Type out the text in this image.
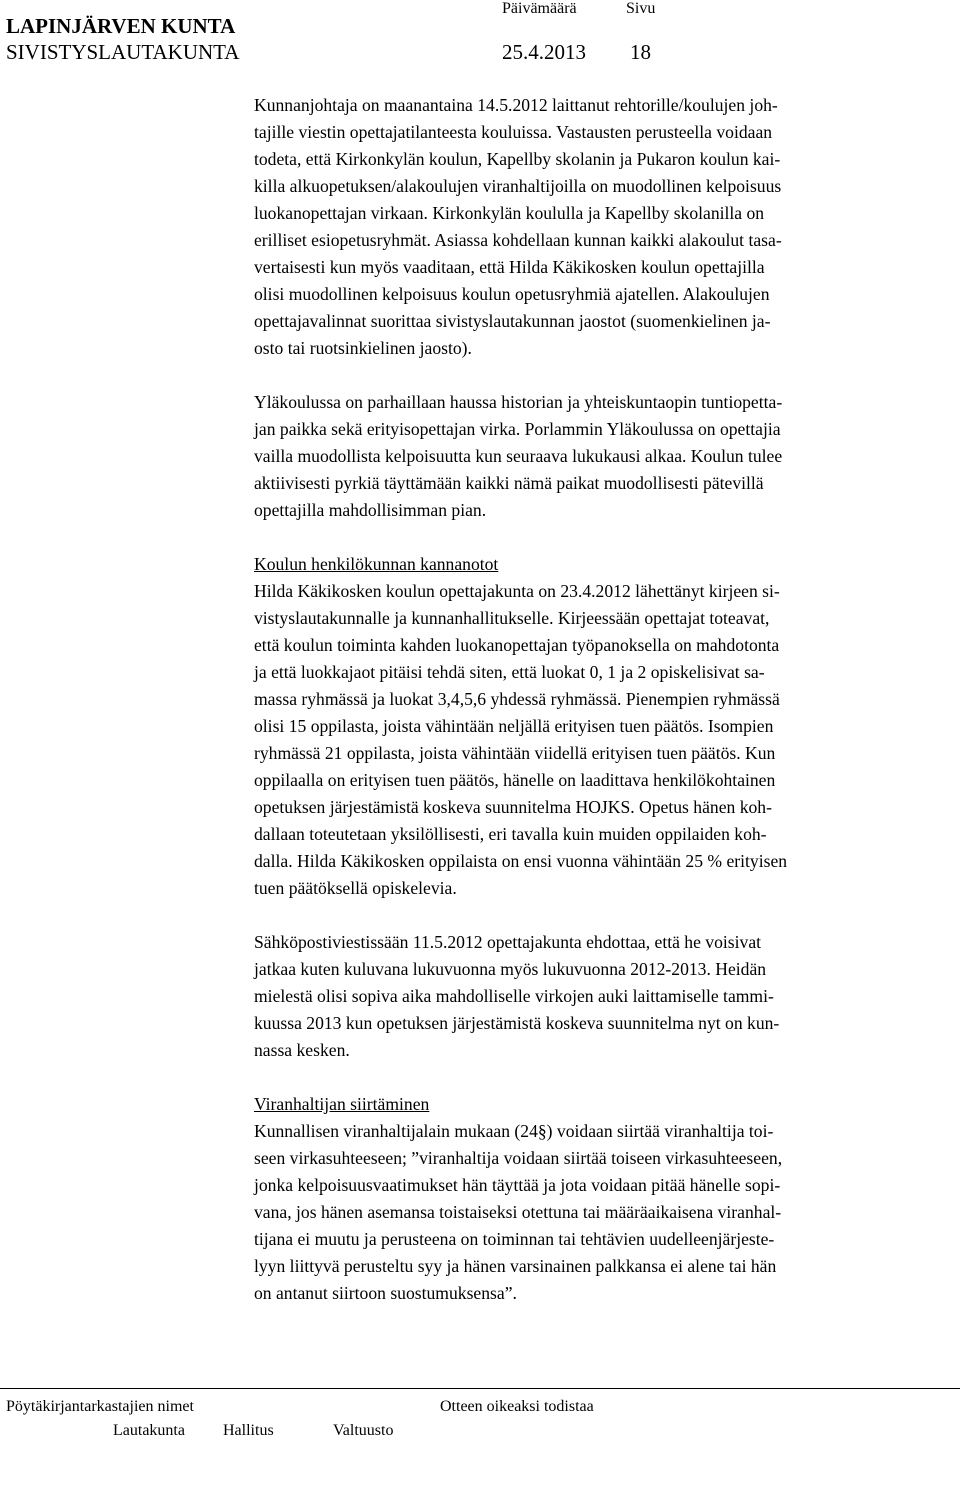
LAPINJÄRVEN KUNTA
SIVISTYSLAUTAKUNTA
Päivämäärä	Sivu
25.4.2013 18
Kunnanjohtaja on maanantaina 14.5.2012 laittanut rehtorille/koulujen joh-
tajille viestin opettajatilanteesta kouluissa. Vastausten perusteella voidaan
todeta, että Kirkonkylän koulun, Kapellby skolanin ja Pukaron koulun kai-
killa alkuopetuksen/alakoulujen viranhaltijoilla on muodollinen kelpoisuus
luokanopettajan virkaan. Kirkonkylän koululla ja Kapellby skolanilla on
erilliset esiopetusryhmät. Asiassa kohdellaan kunnan kaikki alakoulut tasa-
vertaisesti kun myös vaaditaan, että Hilda Käkikosken koulun opettajilla
olisi muodollinen kelpoisuus koulun opetusryhmiä ajatellen. Alakoulujen
opettajavalinnat suorittaa sivistyslautakunnan jaostot (suomenkielinen ja-
osto tai ruotsinkielinen jaosto).
Yläkoulussa on parhaillaan haussa historian ja yhteiskuntaopin tuntiopetta-
jan paikka sekä erityisopettajan virka. Porlammin Yläkoulussa on opettajia
vailla muodollista kelpoisuutta kun seuraava lukukausi alkaa. Koulun tulee
aktiivisesti pyrkiä täyttämään kaikki nämä paikat muodollisesti pätevillä
opettajilla mahdollisimman pian.
Koulun henkilökunnan kannanotot
Hilda Käkikosken koulun opettajakunta on 23.4.2012 lähettänyt kirjeen si-
vistyslautakunnalle ja kunnanhallitukselle. Kirjeessään opettajat toteavat,
että koulun toiminta kahden luokanopettajan työpanoksella on mahdotonta
ja että luokkajaot pitäisi tehdä siten, että luokat 0, 1 ja 2 opiskelisivat sa-
massa ryhmässä ja luokat 3,4,5,6 yhdessä ryhmässä. Pienempien ryhmässä
olisi 15 oppilasta, joista vähintään neljällä erityisen tuen päätös. Isompien
ryhmässä 21 oppilasta, joista vähintään viidellä erityisen tuen päätös. Kun
oppilaalla on erityisen tuen päätös, hänelle on laadittava henkilökohtainen
opetuksen järjestämistä koskeva suunnitelma HOJKS. Opetus hänen koh-
dallaan toteutetaan yksilöllisesti, eri tavalla kuin muiden oppilaiden koh-
dalla. Hilda Käkikosken oppilaista on ensi vuonna vähintään 25 % erityisen
tuen päätöksellä opiskelevia.
Sähköpostiviestissään 11.5.2012 opettajakunta ehdottaa, että he voisivat
jatkaa kuten kuluvana lukuvuonna myös lukuvuonna 2012-2013. Heidän
mielestä olisi sopiva aika mahdolliselle virkojen auki laittamiselle tammi-
kuussa 2013 kun opetuksen järjestämistä koskeva suunnitelma nyt on kun-
nassa kesken.
Viranhaltijan siirtäminen
Kunnallisen viranhaltijalain mukaan (24§) voidaan siirtää viranhaltija toi-
seen virkasuhteeseen; ”viranhaltija voidaan siirtää toiseen virkasuhteeseen,
jonka kelpoisuusvaatimukset hän täyttää ja jota voidaan pitää hänelle sopi-
vana, jos hänen asemansa toistaiseksi otettuna tai määräaikaisena viranhal-
tijana ei muutu ja perusteena on toiminnan tai tehtävien uudelleenjärjeste-
lyyn liittyvä perusteltu syy ja hänen varsinainen palkkansa ei alene tai hän
on antanut siirtoon suostumuksensa”.
Pöytäkirjantarkastajien nimet	Otteen oikeaksi todistaa
Lautakunta Hallitus	Valtuusto
